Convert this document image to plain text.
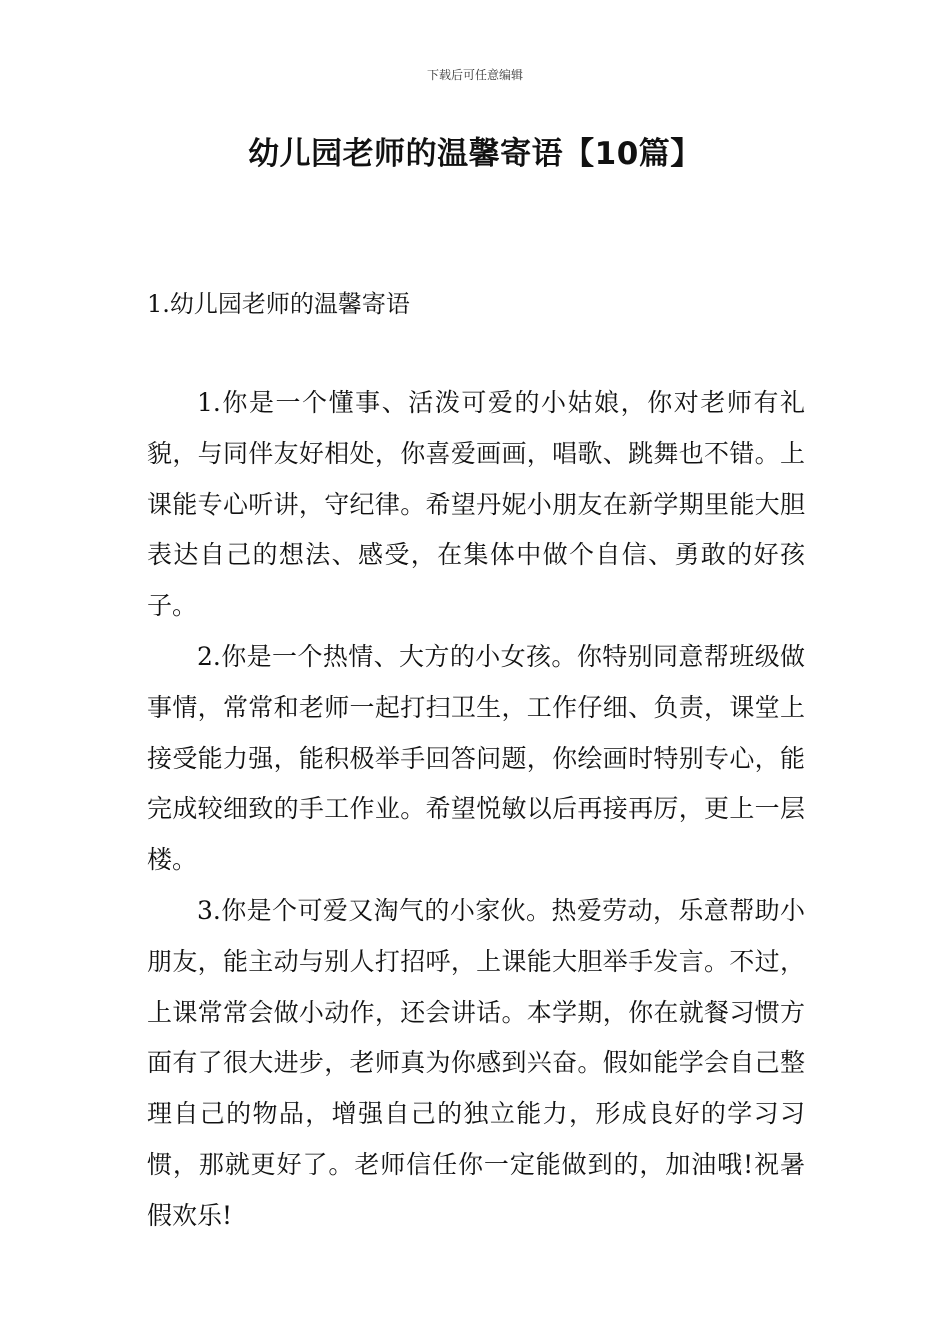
下载后可任意编辑
幼儿园老师的温馨寄语【10篇】
1.幼儿园老师的温馨寄语

1.你是一个懂事、活泼可爱的小姑娘，你对老师有礼貌，与同伴友好相处，你喜爱画画，唱歌、跳舞也不错。上课能专心听讲，守纪律。希望丹妮小朋友在新学期里能大胆表达自己的想法、感受，在集体中做个自信、勇敢的好孩子。

2.你是一个热情、大方的小女孩。你特别同意帮班级做事情，常常和老师一起打扫卫生，工作仔细、负责，课堂上接受能力强，能积极举手回答问题，你绘画时特别专心，能完成较细致的手工作业。希望悦敏以后再接再厉，更上一层楼。

3.你是个可爱又淘气的小家伙。热爱劳动，乐意帮助小朋友，能主动与别人打招呼，上课能大胆举手发言。不过，上课常常会做小动作，还会讲话。本学期，你在就餐习惯方面有了很大进步，老师真为你感到兴奋。假如能学会自己整理自己的物品，增强自己的独立能力，形成良好的学习习惯，那就更好了。老师信任你一定能做到的，加油哦!祝暑假欢乐!
